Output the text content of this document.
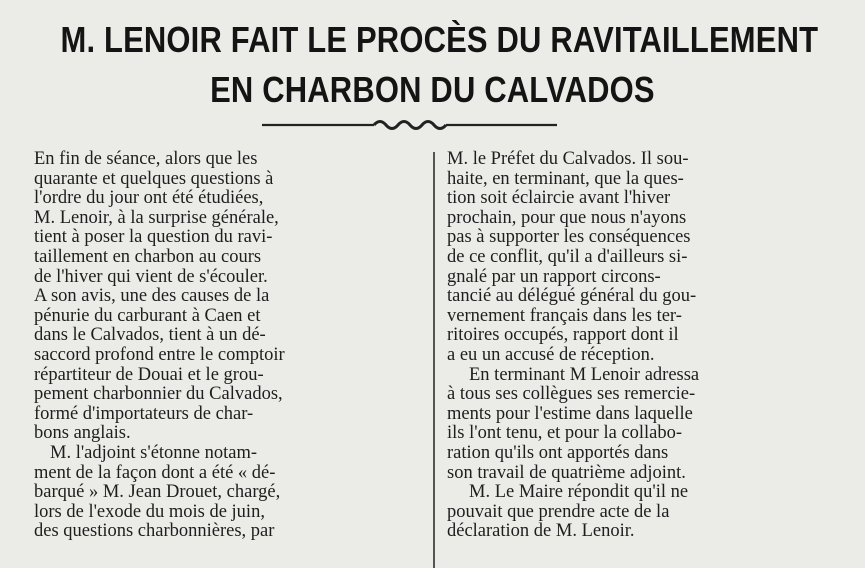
M. LENOIR FAIT LE PROCÈS DU RAVITAILLEMENT
EN CHARBON DU CALVADOS
En fin de séance, alors que les
quarante et quelques questions à
l'ordre du jour ont été étudiées,
M. Lenoir, à la surprise générale,
tient à poser la question du ravi-
taillement en charbon au cours
de l'hiver qui vient de s'écouler.
A son avis, une des causes de la
pénurie du carburant à Caen et
dans le Calvados, tient à un dé-
saccord profond entre le comptoir
répartiteur de Douai et le grou-
pement charbonnier du Calvados,
formé d'importateurs de char-
bons anglais.
M. l'adjoint s'étonne notam-
ment de la façon dont a été « dé-
barqué » M. Jean Drouet, chargé,
lors de l'exode du mois de juin,
des questions charbonnières, par
M. le Préfet du Calvados. Il sou-
haite, en terminant, que la ques-
tion soit éclaircie avant l'hiver
prochain, pour que nous n'ayons
pas à supporter les conséquences
de ce conflit, qu'il a d'ailleurs si-
gnalé par un rapport circons-
tancié au délégué général du gou-
vernement français dans les ter-
ritoires occupés, rapport dont il
a eu un accusé de réception.
En terminant M Lenoir adressa
à tous ses collègues ses remercie-
ments pour l'estime dans laquelle
ils l'ont tenu, et pour la collabo-
ration qu'ils ont apportés dans
son travail de quatrième adjoint.
M. Le Maire répondit qu'il ne
pouvait que prendre acte de la
déclaration de M. Lenoir.
